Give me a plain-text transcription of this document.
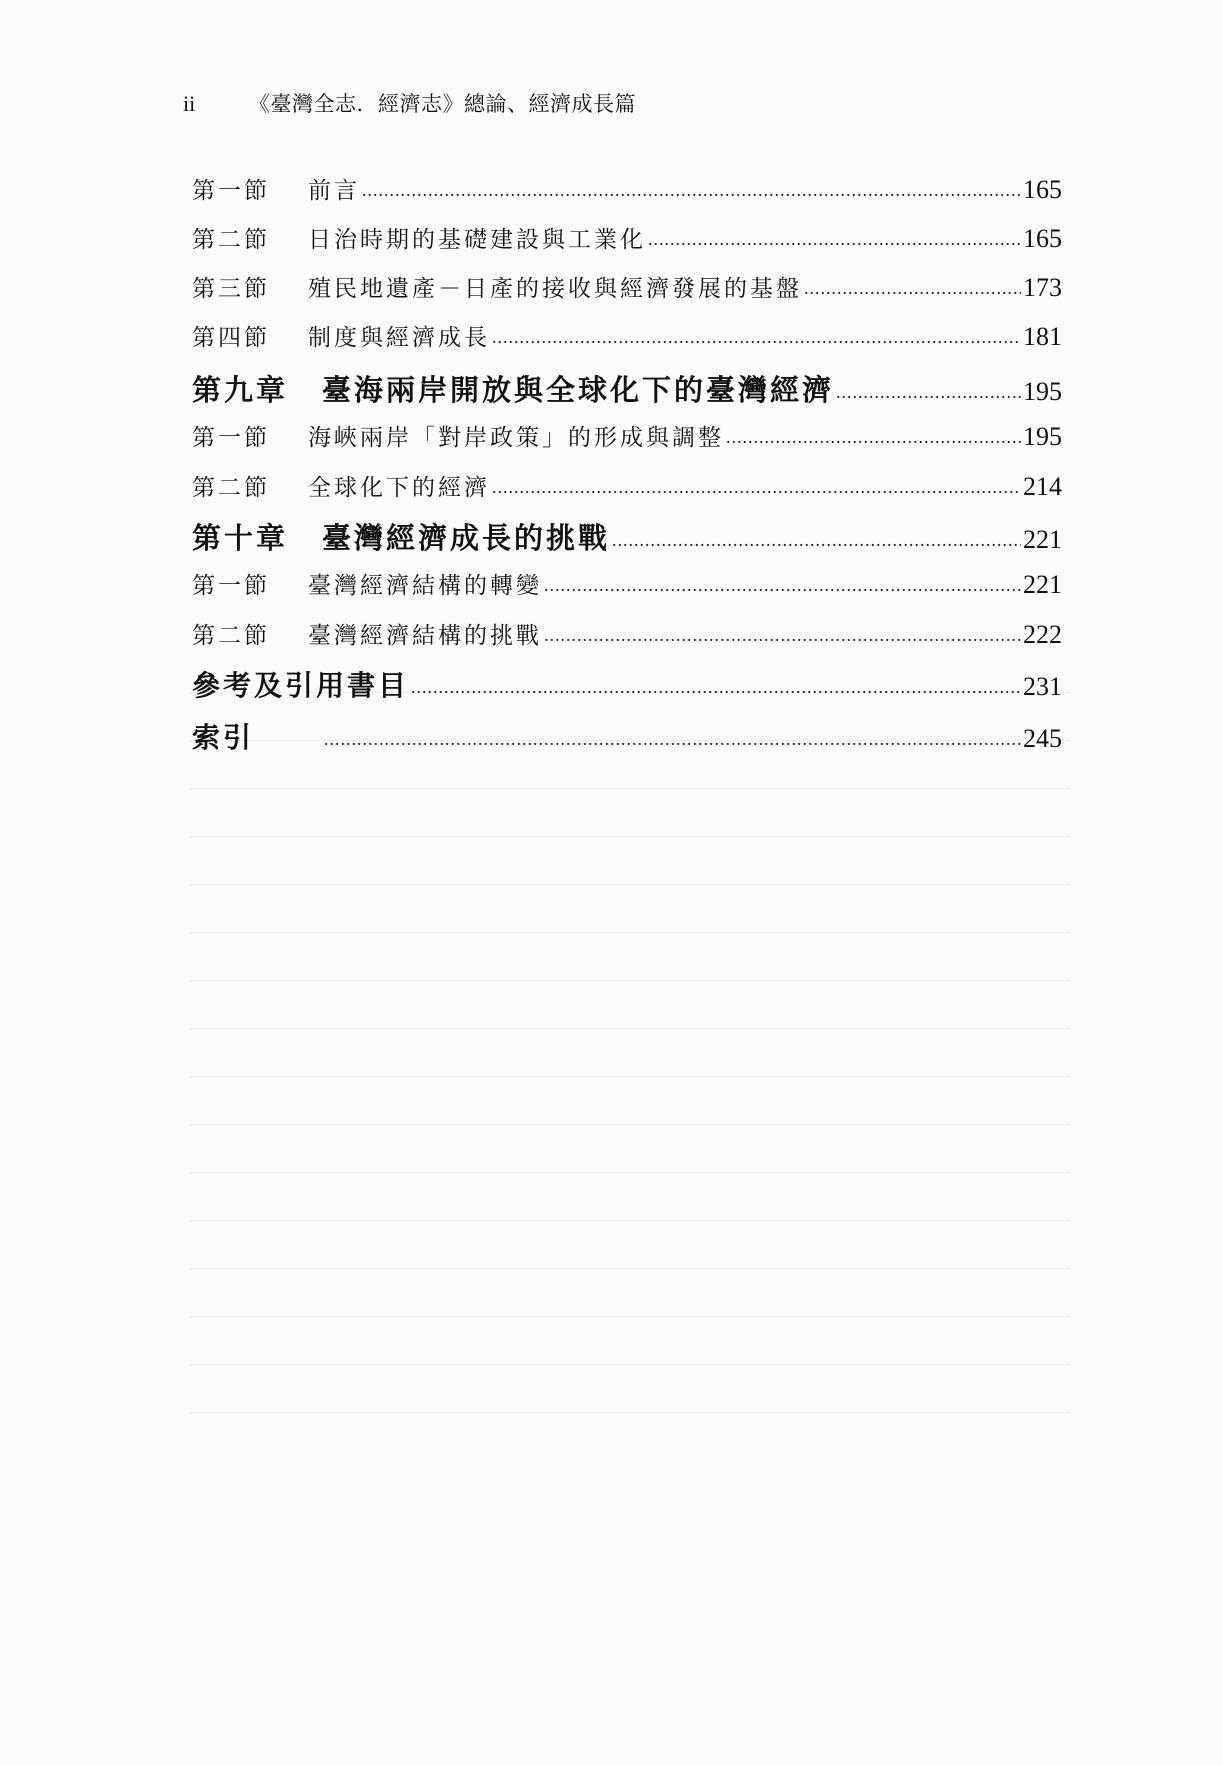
ii	《臺灣全志．經濟志》總論、經濟成長篇
第一節	前言 .....	165
第二節	日治時期的基礎建設與工業化 .....	165
第三節	殖民地遺產－日產的接收與經濟發展的基盤 .....	173
第四節	制度與經濟成長 .....	181
第九章	臺海兩岸開放與全球化下的臺灣經濟 .....	195
第一節	海峽兩岸「對岸政策」的形成與調整 .....	195
第二節	全球化下的經濟 .....	214
第十章	臺灣經濟成長的挑戰 .....	221
第一節	臺灣經濟結構的轉變 .....	221
第二節	臺灣經濟結構的挑戰 .....	222
參考及引用書目 .....	231
索引 .....	245
